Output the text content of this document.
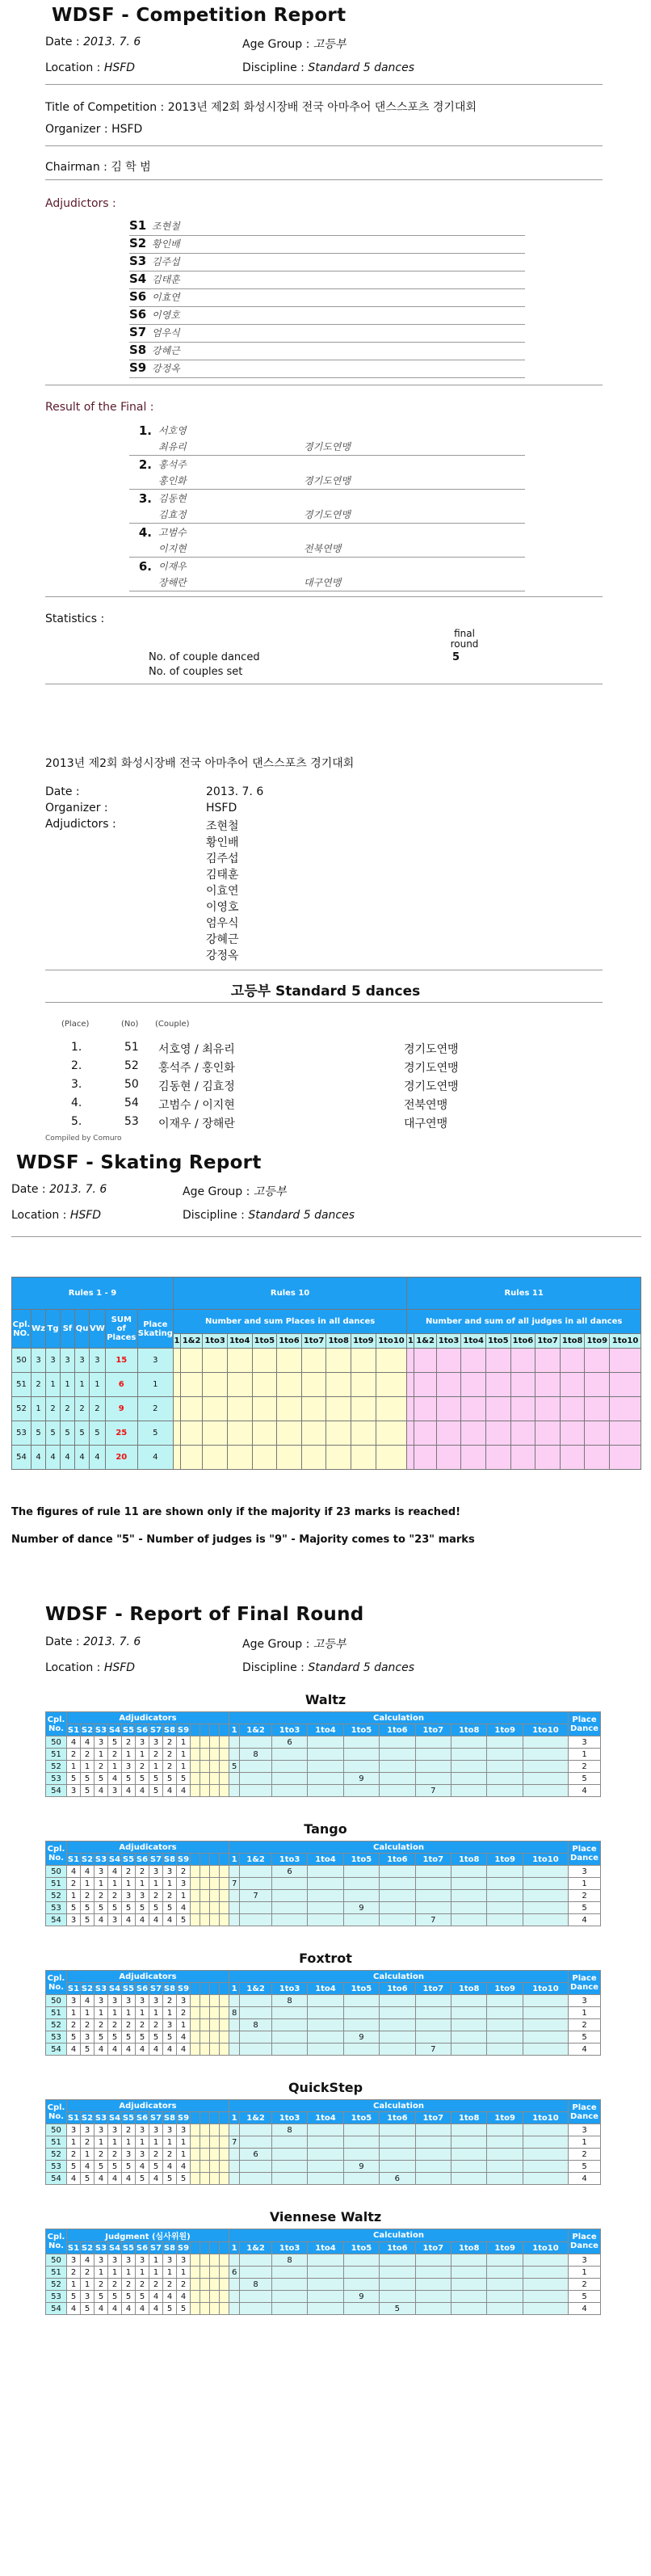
WDSF - Competition Report
Date : 2013. 7. 6	Age Group : 고등부
Location : HSFD	Discipline : Standard 5 dances
Title of Competition : 2013년 제2회 화성시장배 전국 아마추어 댄스스포츠 경기대회
Organizer : HSFD
Chairman : 김 학 범
Adjudictors :
S1 조현철
S2 황인배
S3 김주섭
S4 김태훈
S6 이효연
S6 이영호
S7 엄우식
S8 강혜근
S9 강정옥
Result of the Final :
1. 서호영
최유리	경기도연맹
2. 홍석주
홍인화	경기도연맹
3. 김동현
김효정	경기도연맹
4. 고범수
이지현	전북연맹
6. 이재우
장해란	대구연맹
Statistics :
final round
No. of couple danced	5
No. of couples set
2013년 제2회 화성시장배 전국 아마추어 댄스스포츠 경기대회
Date :	2013. 7. 6
Organizer :	HSFD
Adjudictors :	조현철
황인배
김주섭
김태훈
이효연
이영호
엄우식
강혜근
강정옥
고등부 Standard 5 dances
(Place)	(No) (Couple)
1.	51 서호영 / 최유리	경기도연맹
2.	52 홍석주 / 홍인화	경기도연맹
3.	50 김동현 / 김효정	경기도연맹
4.	54 고범수 / 이지현	전북연맹
5.	53 이재우 / 장해란	대구연맹
Compiled by Comuro
WDSF - Skating Report
Date : 2013. 7. 6	Age Group : 고등부
Location : HSFD	Discipline : Standard 5 dances
Rules 1 - 9								Rules 10										Rules 11									
Cpl. NO.	Wz	Tg	Sf	Qu	VW	SUM of Places	Place Skating	Number and sum Places in all dances										Number and sum of all judges in all dances									
								1	1&2	1to3	1to4	1to5	1to6	1to7	1to8	1to9	1to10	1	1&2	1to3	1to4	1to5	1to6	1to7	1to8	1to9	1to10
50	3	3	3	3	3	15	3																				
51	2	1	1	1	1	6	1																				
52	1	2	2	2	2	9	2																				
53	5	5	5	5	5	25	5																				
54	4	4	4	4	4	20	4																				
The figures of rule 11 are shown only if the majority if 23 marks is reached!
Number of dance "5" - Number of judges is "9" - Majority comes to "23" marks
WDSF - Report of Final Round
Date : 2013. 7. 6	Age Group : 고등부
Location : HSFD	Discipline : Standard 5 dances
Waltz
Cpl. No.	Adjudicators													Calculation										Place Dance
	S1	S2	S3	S4	S5	S6	S7	S8	S9					1	1&2	1to3	1to4	1to5	1to6	1to7	1to8	1to9	1to10	
50	4	4	3	5	2	3	3	2	1							6								3
51	2	2	1	2	1	1	2	2	1						8									1
52	1	1	2	1	3	2	1	2	1					5										2
53	5	5	5	4	5	5	5	5	5									9						5
54	3	5	4	3	4	4	5	4	4											7				4
Tango
Cpl. No.	Adjudicators													Calculation										Place Dance
	S1	S2	S3	S4	S5	S6	S7	S8	S9					1	1&2	1to3	1to4	1to5	1to6	1to7	1to8	1to9	1to10	
50	4	4	3	4	2	2	3	3	2							6								3
51	2	1	1	1	1	1	1	1	3					7										1
52	1	2	2	2	3	3	2	2	1						7									2
53	5	5	5	5	5	5	5	5	4									9						5
54	3	5	4	3	4	4	4	4	5											7				4
Foxtrot
Cpl. No.	Adjudicators													Calculation										Place Dance
	S1	S2	S3	S4	S5	S6	S7	S8	S9					1	1&2	1to3	1to4	1to5	1to6	1to7	1to8	1to9	1to10	
50	3	4	3	3	3	3	3	2	3							8								3
51	1	1	1	1	1	1	1	1	2					8										1
52	2	2	2	2	2	2	2	3	1						8									2
53	5	3	5	5	5	5	5	5	4									9						5
54	4	5	4	4	4	4	4	4	4											7				4
QuickStep
Cpl. No.	Adjudicators													Calculation										Place Dance
	S1	S2	S3	S4	S5	S6	S7	S8	S9					1	1&2	1to3	1to4	1to5	1to6	1to7	1to8	1to9	1to10	
50	3	3	3	3	2	3	3	3	3							8								3
51	1	2	1	1	1	1	1	1	1					7										1
52	2	1	2	2	3	3	2	2	1						6									2
53	5	4	5	5	5	4	5	4	4									9						5
54	4	5	4	4	4	5	4	5	5										6					4
Viennese Waltz
Cpl. No.	Judgment (심사위원)													Calculation										Place Dance
	S1	S2	S3	S4	S5	S6	S7	S8	S9					1	1&2	1to3	1to4	1to5	1to6	1to7	1to8	1to9	1to10	
50	3	4	3	3	3	3	1	3	3							8								3
51	2	2	1	1	1	1	1	1	1					6										1
52	1	1	2	2	2	2	2	2	2						8									2
53	5	3	5	5	5	5	4	4	4									9						5
54	4	5	4	4	4	4	4	5	5										5					4
